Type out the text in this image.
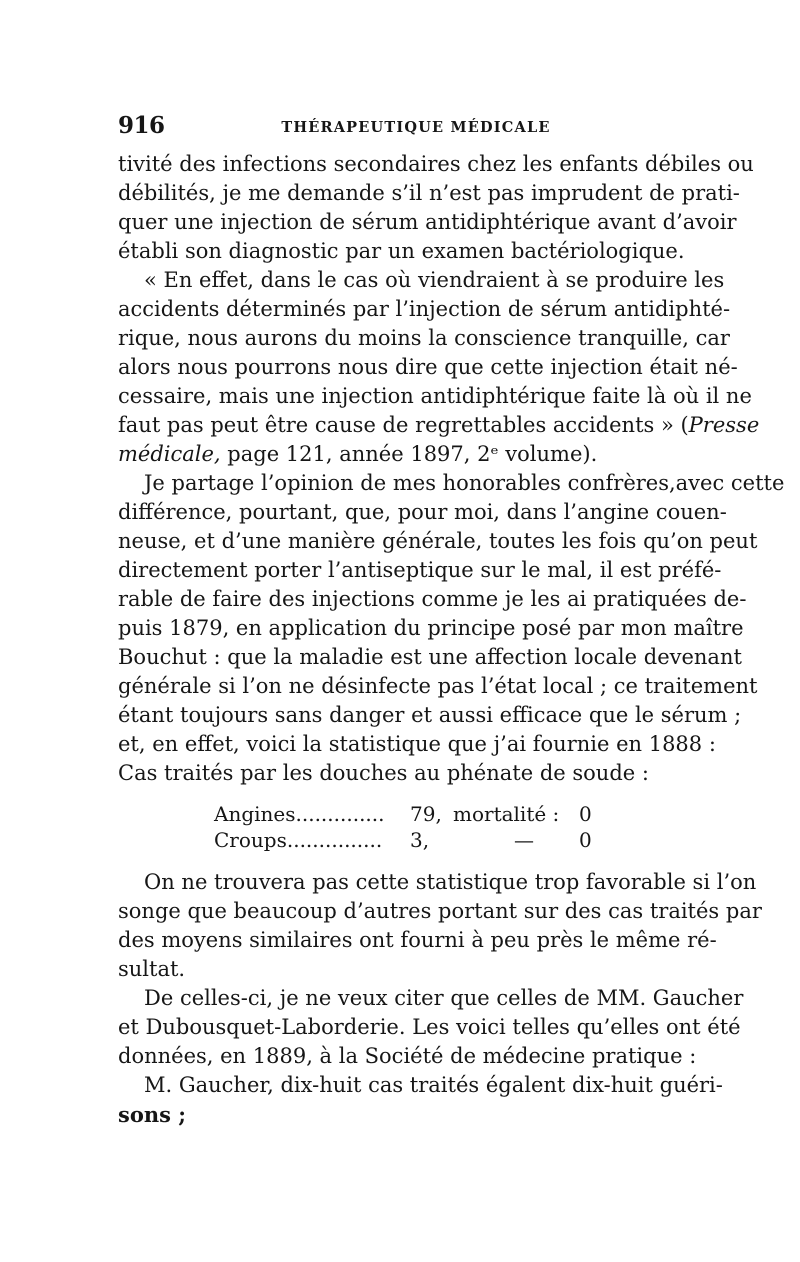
916	THÉRAPEUTIQUE MÉDICALE
tivité des infections secondaires chez les enfants débiles ou
débilités, je me demande s’il n’est pas imprudent de prati-
quer une injection de sérum antidiphtérique avant d’avoir
établi son diagnostic par un examen bactériologique.
« En effet, dans le cas où viendraient à se produire les
accidents déterminés par l’injection de sérum antidiphté-
rique, nous aurons du moins la conscience tranquille, car
alors nous pourrons nous dire que cette injection était né-
cessaire, mais une injection antidiphtérique faite là où il ne
faut pas peut être cause de regrettables accidents » (Presse
médicale, page 121, année 1897, 2ᵉ volume).
Je partage l’opinion de mes honorables confrères,avec cette
différence, pourtant, que, pour moi, dans l’angine couen-
neuse, et d’une manière générale, toutes les fois qu’on peut
directement porter l’antiseptique sur le mal, il est préfé-
rable de faire des injections comme je les ai pratiquées de-
puis 1879, en application du principe posé par mon maître
Bouchut : que la maladie est une affection locale devenant
générale si l’on ne désinfecte pas l’état local ; ce traitement
étant toujours sans danger et aussi efficace que le sérum ;
et, en effet, voici la statistique que j’ai fournie en 1888 :
Cas traités par les douches au phénate de soude :
Angines.............. 79, mortalité : 0
Croups............... 3,	— 0
On ne trouvera pas cette statistique trop favorable si l’on
songe que beaucoup d’autres portant sur des cas traités par
des moyens similaires ont fourni à peu près le même ré-
sultat.
De celles-ci, je ne veux citer que celles de MM. Gaucher
et Dubousquet-Laborderie. Les voici telles qu’elles ont été
données, en 1889, à la Société de médecine pratique :
M. Gaucher, dix-huit cas traités égalent dix-huit guéri-
sons ;
